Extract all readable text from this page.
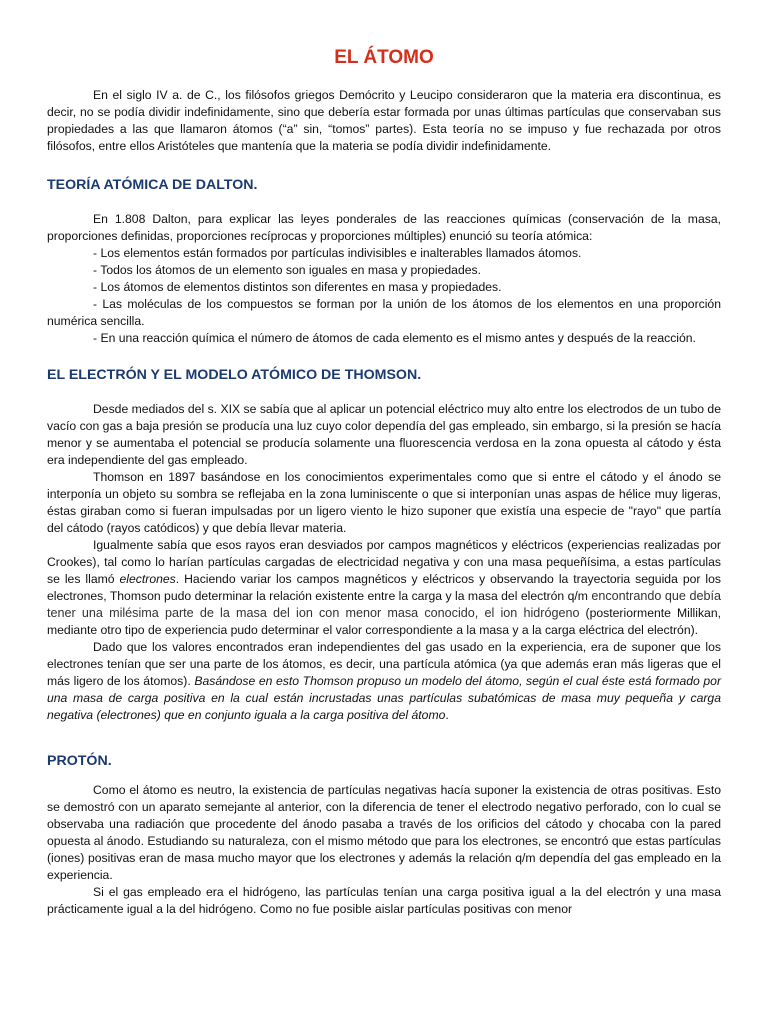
EL ÁTOMO

En el siglo IV a. de C., los filósofos griegos Demócrito y Leucipo consideraron que la materia era discontinua, es decir, no se podía dividir indefinidamente, sino que debería estar formada por unas últimas partículas que conservaban sus propiedades a las que llamaron átomos (“a” sin, “tomos” partes). Esta teoría no se impuso y fue rechazada por otros filósofos, entre ellos Aristóteles que mantenía que la materia se podía dividir indefinidamente.

TEORÍA ATÓMICA DE DALTON.

En 1.808 Dalton, para explicar las leyes ponderales de las reacciones químicas (conservación de la masa, proporciones definidas, proporciones recíprocas y proporciones múltiples) enunció su teoría atómica:

- Los elementos están formados por partículas indivisibles e inalterables llamados átomos.

- Todos los átomos de un elemento son iguales en masa y propiedades.

- Los átomos de elementos distintos son diferentes en masa y propiedades.

- Las moléculas de los compuestos se forman por la unión de los átomos de los elementos en una proporción numérica sencilla.

- En una reacción química el número de átomos de cada elemento es el mismo antes y después de la reacción.

EL ELECTRÓN Y EL MODELO ATÓMICO DE THOMSON.

Desde mediados del s. XIX se sabía que al aplicar un potencial eléctrico muy alto entre los electrodos de un tubo de vacío con gas a baja presión se producía una luz cuyo color dependía del gas empleado, sin embargo, si la presión se hacía menor y se aumentaba el potencial se producía solamente una fluorescencia verdosa en la zona opuesta al cátodo y ésta era independiente del gas empleado.

Thomson en 1897 basándose en los conocimientos experimentales como que si entre el cátodo y el ánodo se interponía un objeto su sombra se reflejaba en la zona luminiscente o que si interponían unas aspas de hélice muy ligeras, éstas giraban como si fueran impulsadas por un ligero viento le hizo suponer que existía una especie de "rayo" que partía del cátodo (rayos catódicos) y que debía llevar materia.

Igualmente sabía que esos rayos eran desviados por campos magnéticos y eléctricos (experiencias realizadas por Crookes), tal como lo harían partículas cargadas de electricidad negativa y con una masa pequeñísima, a estas partículas se les llamó electrones. Haciendo variar los campos magnéticos y eléctricos y observando la trayectoria seguida por los electrones, Thomson pudo determinar la relación existente entre la carga y la masa del electrón q/m encontrando que debía tener una milésima parte de la masa del ion con menor masa conocido, el ion hidrógeno (posteriormente Millikan, mediante otro tipo de experiencia pudo determinar el valor correspondiente a la masa y a la carga eléctrica del electrón).

Dado que los valores encontrados eran independientes del gas usado en la experiencia, era de suponer que los electrones tenían que ser una parte de los átomos, es decir, una partícula atómica (ya que además eran más ligeras que el más ligero de los átomos). Basándose en esto Thomson propuso un modelo del átomo, según el cual éste está formado por una masa de carga positiva en la cual están incrustadas unas partículas subatómicas de masa muy pequeña y carga negativa (electrones) que en conjunto iguala a la carga positiva del átomo.

PROTÓN.

Como el átomo es neutro, la existencia de partículas negativas hacía suponer la existencia de otras positivas. Esto se demostró con un aparato semejante al anterior, con la diferencia de tener el electrodo negativo perforado, con lo cual se observaba una radiación que procedente del ánodo pasaba a través de los orificios del cátodo y chocaba con la pared opuesta al ánodo. Estudiando su naturaleza, con el mismo método que para los electrones, se encontró que estas partículas (iones) positivas eran de masa mucho mayor que los electrones y además la relación q/m dependía del gas empleado en la experiencia.

Si el gas empleado era el hidrógeno, las partículas tenían una carga positiva igual a la del electrón y una masa prácticamente igual a la del hidrógeno. Como no fue posible aislar partículas positivas con menor
